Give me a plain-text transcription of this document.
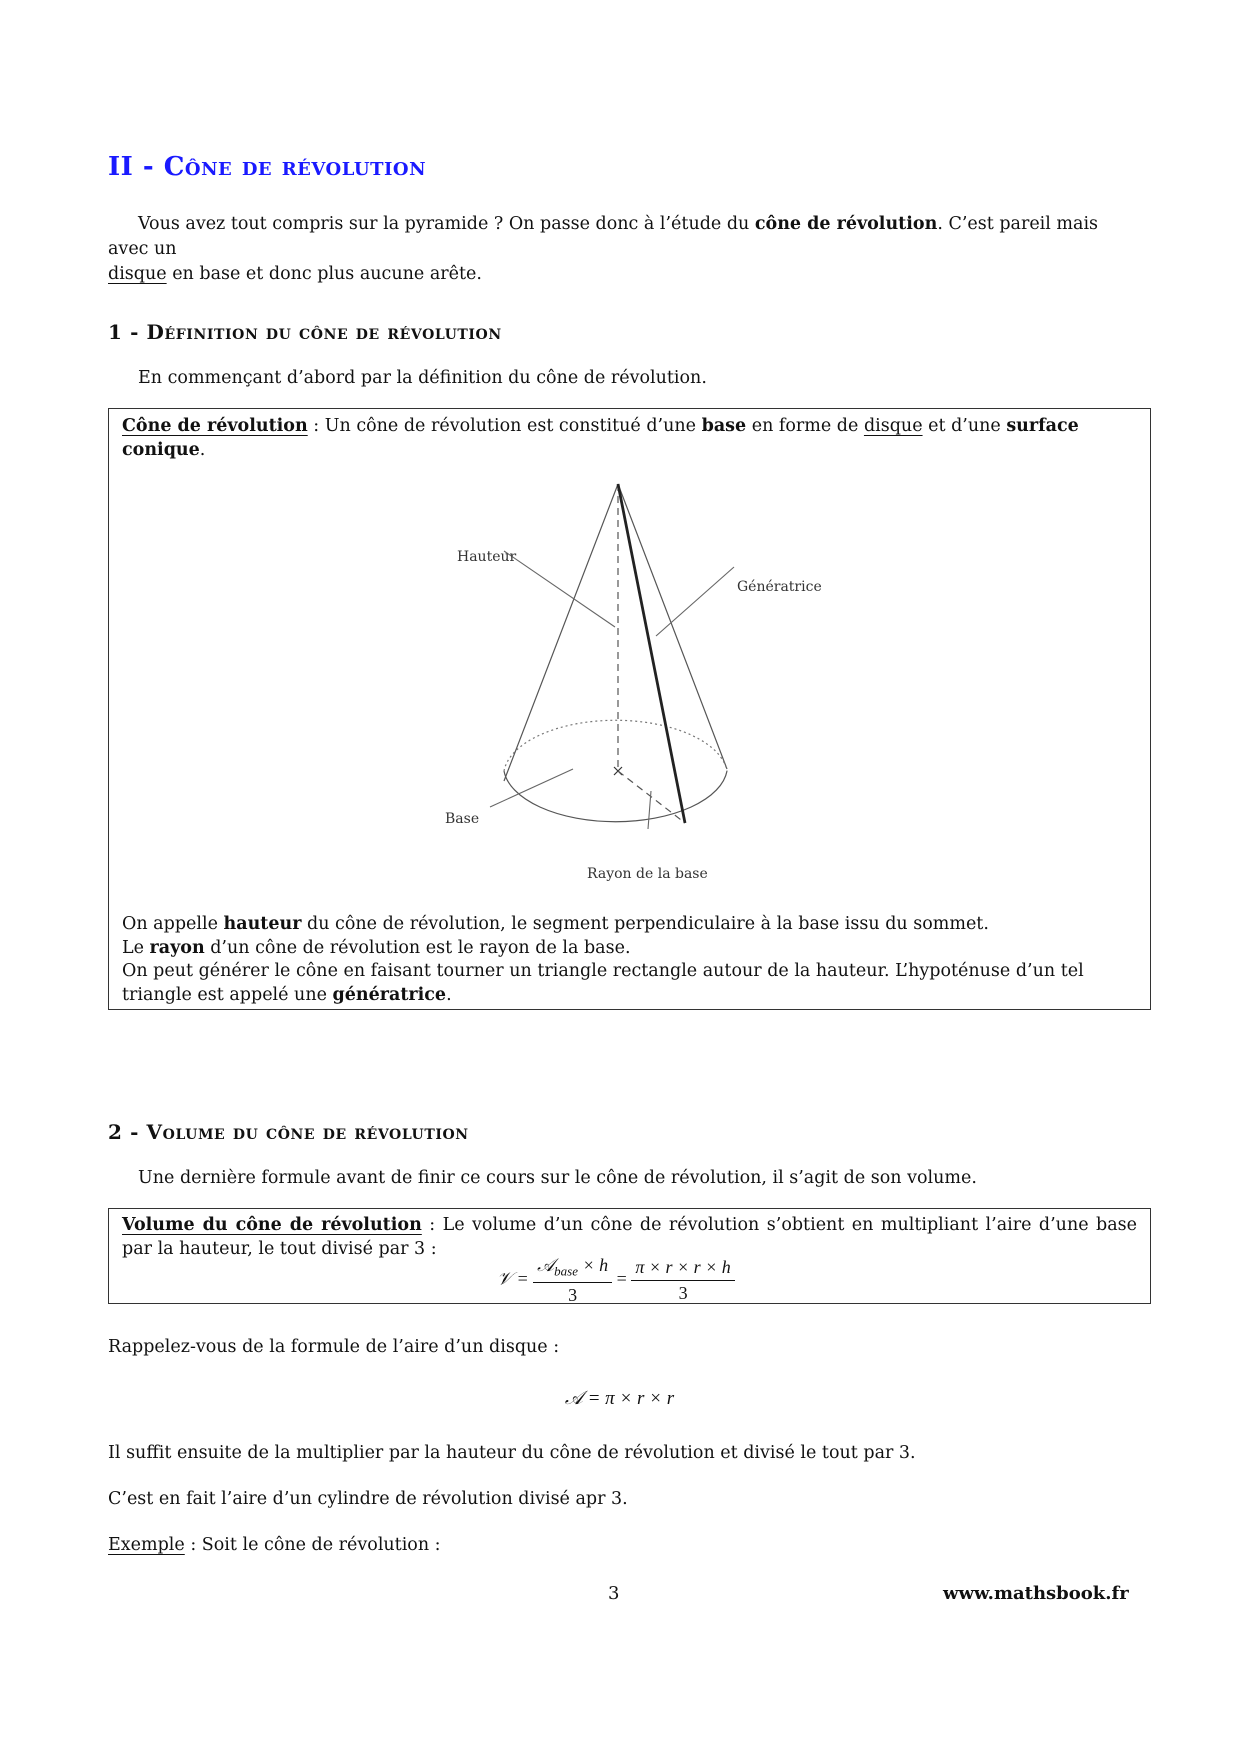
II - Cône de révolution

Vous avez tout compris sur la pyramide ? On passe donc à l’étude du cône de révolution. C’est pareil mais avec un
disque en base et donc plus aucune arête.

1 - Définition du cône de révolution

En commençant d’abord par la définition du cône de révolution.

Cône de révolution : Un cône de révolution est constitué d’une base en forme de disque et d’une surface conique.

Hauteur
Génératrice
Base
Rayon de la base

On appelle hauteur du cône de révolution, le segment perpendiculaire à la base issu du sommet.
Le rayon d’un cône de révolution est le rayon de la base.
On peut générer le cône en faisant tourner un triangle rectangle autour de la hauteur. L’hypoténuse d’un tel triangle est appelé une génératrice.

2 - Volume du cône de révolution

Une dernière formule avant de finir ce cours sur le cône de révolution, il s’agit de son volume.

Volume du cône de révolution : Le volume d’un cône de révolution s’obtient en multipliant l’aire d’une base par la hauteur, le tout divisé par 3 :

𝒱 = $\frac{𝒜_{base} \times h}{3} = \frac{\pi \times r \times r \times h}{3}$

Rappelez-vous de la formule de l’aire d’un disque :

𝒜 = π × r × r

Il suffit ensuite de la multiplier par la hauteur du cône de révolution et divisé le tout par 3.

C’est en fait l’aire d’un cylindre de révolution divisé apr 3.

Exemple : Soit le cône de révolution :

3	www.mathsbook.fr
